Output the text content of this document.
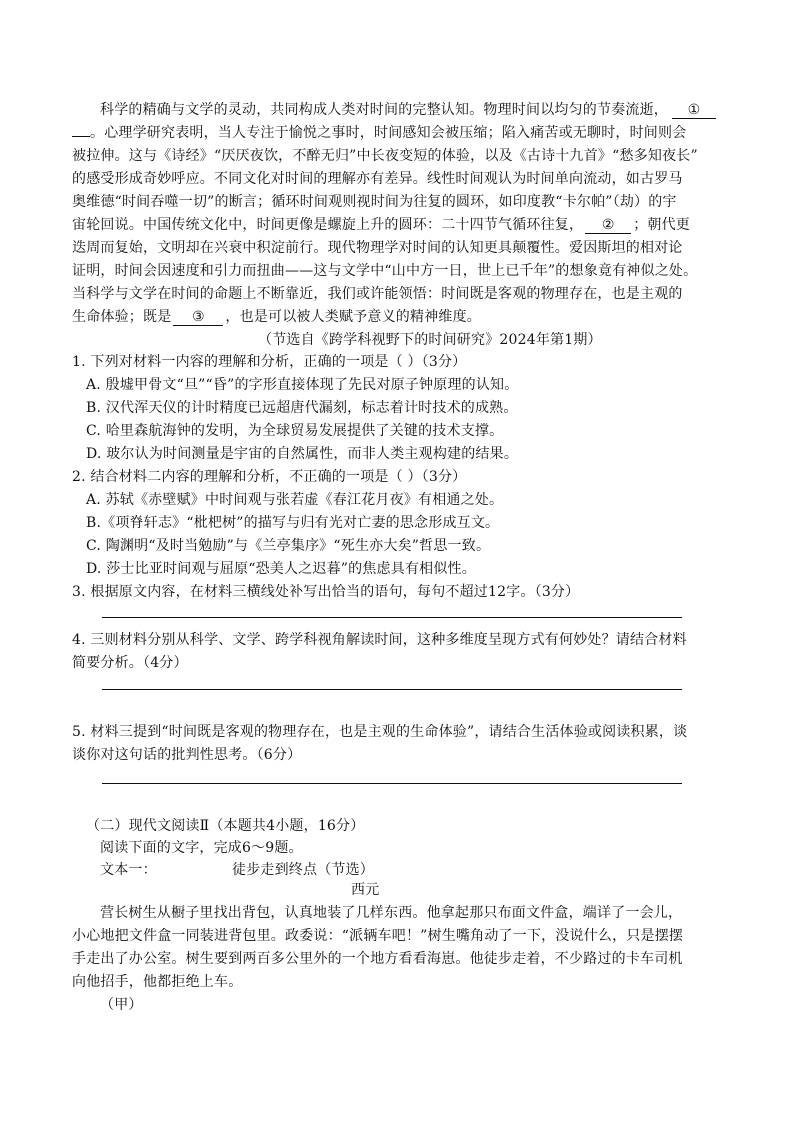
科学的精确与文学的灵动，共同构成人类对时间的完整认知。物理时间以均匀的节奏流逝， ①
。心理学研究表明，当人专注于愉悦之事时，时间感知会被压缩；陷入痛苦或无聊时，时间则会
被拉伸。这与《诗经》“厌厌夜饮，不醉无归”中长夜变短的体验，以及《古诗十九首》“愁多知夜长”
的感受形成奇妙呼应。不同文化对时间的理解亦有差异。线性时间观认为时间单向流动，如古罗马
奥维德“时间吞噬一切”的断言；循环时间观则视时间为往复的圆环，如印度教“卡尔帕”（劫）的宇
宙轮回说。中国传统文化中，时间更像是螺旋上升的圆环：二十四节气循环往复， ② ；朝代更
迭周而复始，文明却在兴衰中积淀前行。现代物理学对时间的认知更具颠覆性。爱因斯坦的相对论
证明，时间会因速度和引力而扭曲——这与文学中“山中方一日，世上已千年”的想象竟有神似之处。
当科学与文学在时间的命题上不断靠近，我们或许能领悟：时间既是客观的物理存在，也是主观的
生命体验；既是 ③ ，也是可以被人类赋予意义的精神维度。
（节选自《跨学科视野下的时间研究》2024年第1期）
1. 下列对材料一内容的理解和分析，正确的一项是（ ）（3分）
A. 殷墟甲骨文“旦”“昏”的字形直接体现了先民对原子钟原理的认知。
B. 汉代浑天仪的计时精度已远超唐代漏刻，标志着计时技术的成熟。
C. 哈里森航海钟的发明，为全球贸易发展提供了关键的技术支撑。
D. 玻尔认为时间测量是宇宙的自然属性，而非人类主观构建的结果。
2. 结合材料二内容的理解和分析，不正确的一项是（ ）（3分）
A. 苏轼《赤壁赋》中时间观与张若虚《春江花月夜》有相通之处。
B.《项脊轩志》“枇杷树”的描写与归有光对亡妻的思念形成互文。
C. 陶渊明“及时当勉励”与《兰亭集序》“死生亦大矣”哲思一致。
D. 莎士比亚时间观与屈原“恐美人之迟暮”的焦虑具有相似性。
3. 根据原文内容，在材料三横线处补写出恰当的语句，每句不超过12字。（3分）
4. 三则材料分别从科学、文学、跨学科视角解读时间，这种多维度呈现方式有何妙处？请结合材料
简要分析。（4分）
5. 材料三提到“时间既是客观的物理存在，也是主观的生命体验”，请结合生活体验或阅读积累，谈
谈你对这句话的批判性思考。（6分）
（二）现代文阅读Ⅱ（本题共4小题，16分）
阅读下面的文字，完成6～9题。
文本一：	徒步走到终点（节选）
西元
营长树生从橱子里找出背包，认真地装了几样东西。他拿起那只布面文件盒，端详了一会儿，
小心地把文件盒一同装进背包里。政委说：“派辆车吧！”树生嘴角动了一下，没说什么，只是摆摆
手走出了办公室。树生要到两百多公里外的一个地方看看海崽。他徒步走着，不少路过的卡车司机
向他招手，他都拒绝上车。
（甲）
